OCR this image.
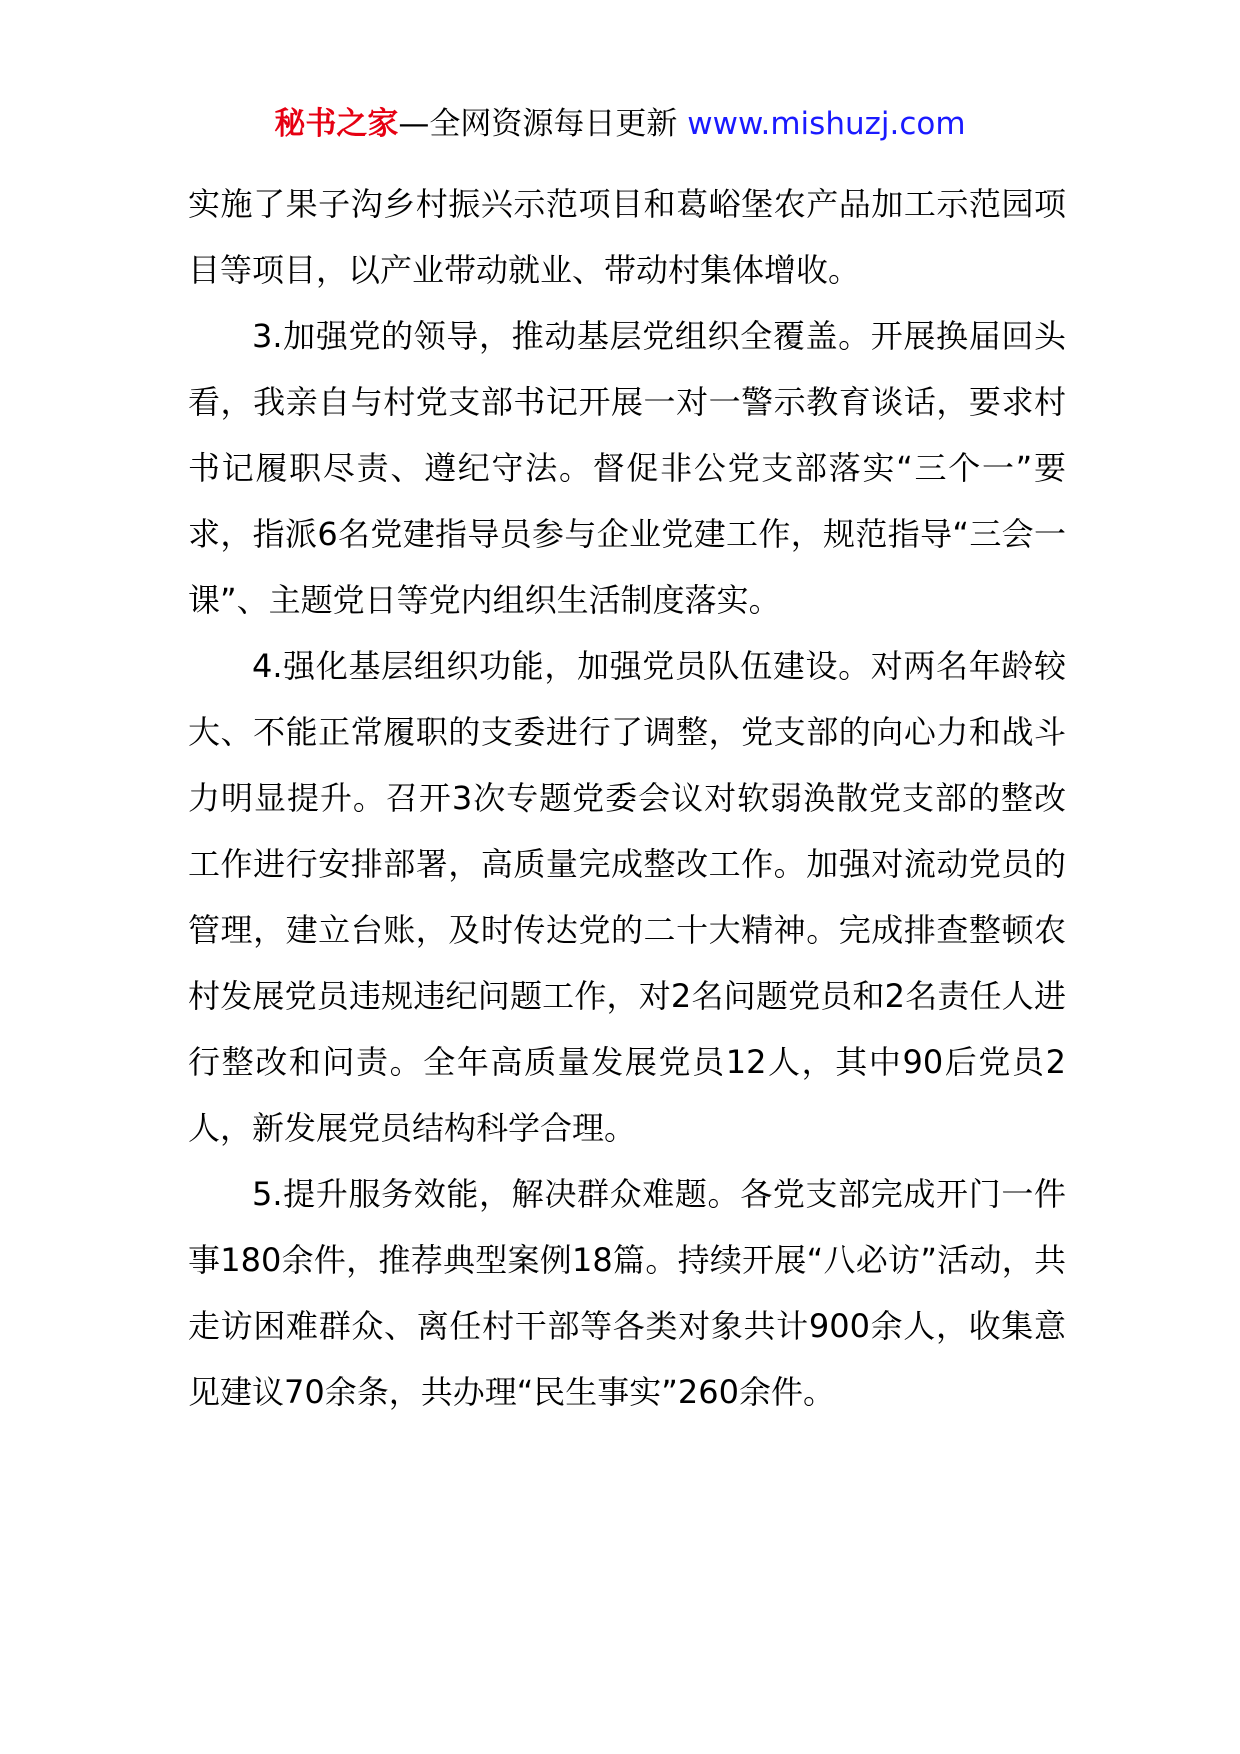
秘书之家—全网资源每日更新 www.mishuzj.com

实施了果子沟乡村振兴示范项目和葛峪堡农产品加工示范园项目等项目，以产业带动就业、带动村集体增收。

3.加强党的领导，推动基层党组织全覆盖。开展换届回头看，我亲自与村党支部书记开展一对一警示教育谈话，要求村书记履职尽责、遵纪守法。督促非公党支部落实“三个一”要求，指派6名党建指导员参与企业党建工作，规范指导“三会一课”、主题党日等党内组织生活制度落实。

4.强化基层组织功能，加强党员队伍建设。对两名年龄较大、不能正常履职的支委进行了调整，党支部的向心力和战斗力明显提升。召开3次专题党委会议对软弱涣散党支部的整改工作进行安排部署，高质量完成整改工作。加强对流动党员的管理，建立台账，及时传达党的二十大精神。完成排查整顿农村发展党员违规违纪问题工作，对2名问题党员和2名责任人进行整改和问责。全年高质量发展党员12人，其中90后党员2人，新发展党员结构科学合理。

5.提升服务效能，解决群众难题。各党支部完成开门一件事180余件，推荐典型案例18篇。持续开展“八必访”活动，共走访困难群众、离任村干部等各类对象共计900余人，收集意见建议70余条，共办理“民生事实”260余件。
